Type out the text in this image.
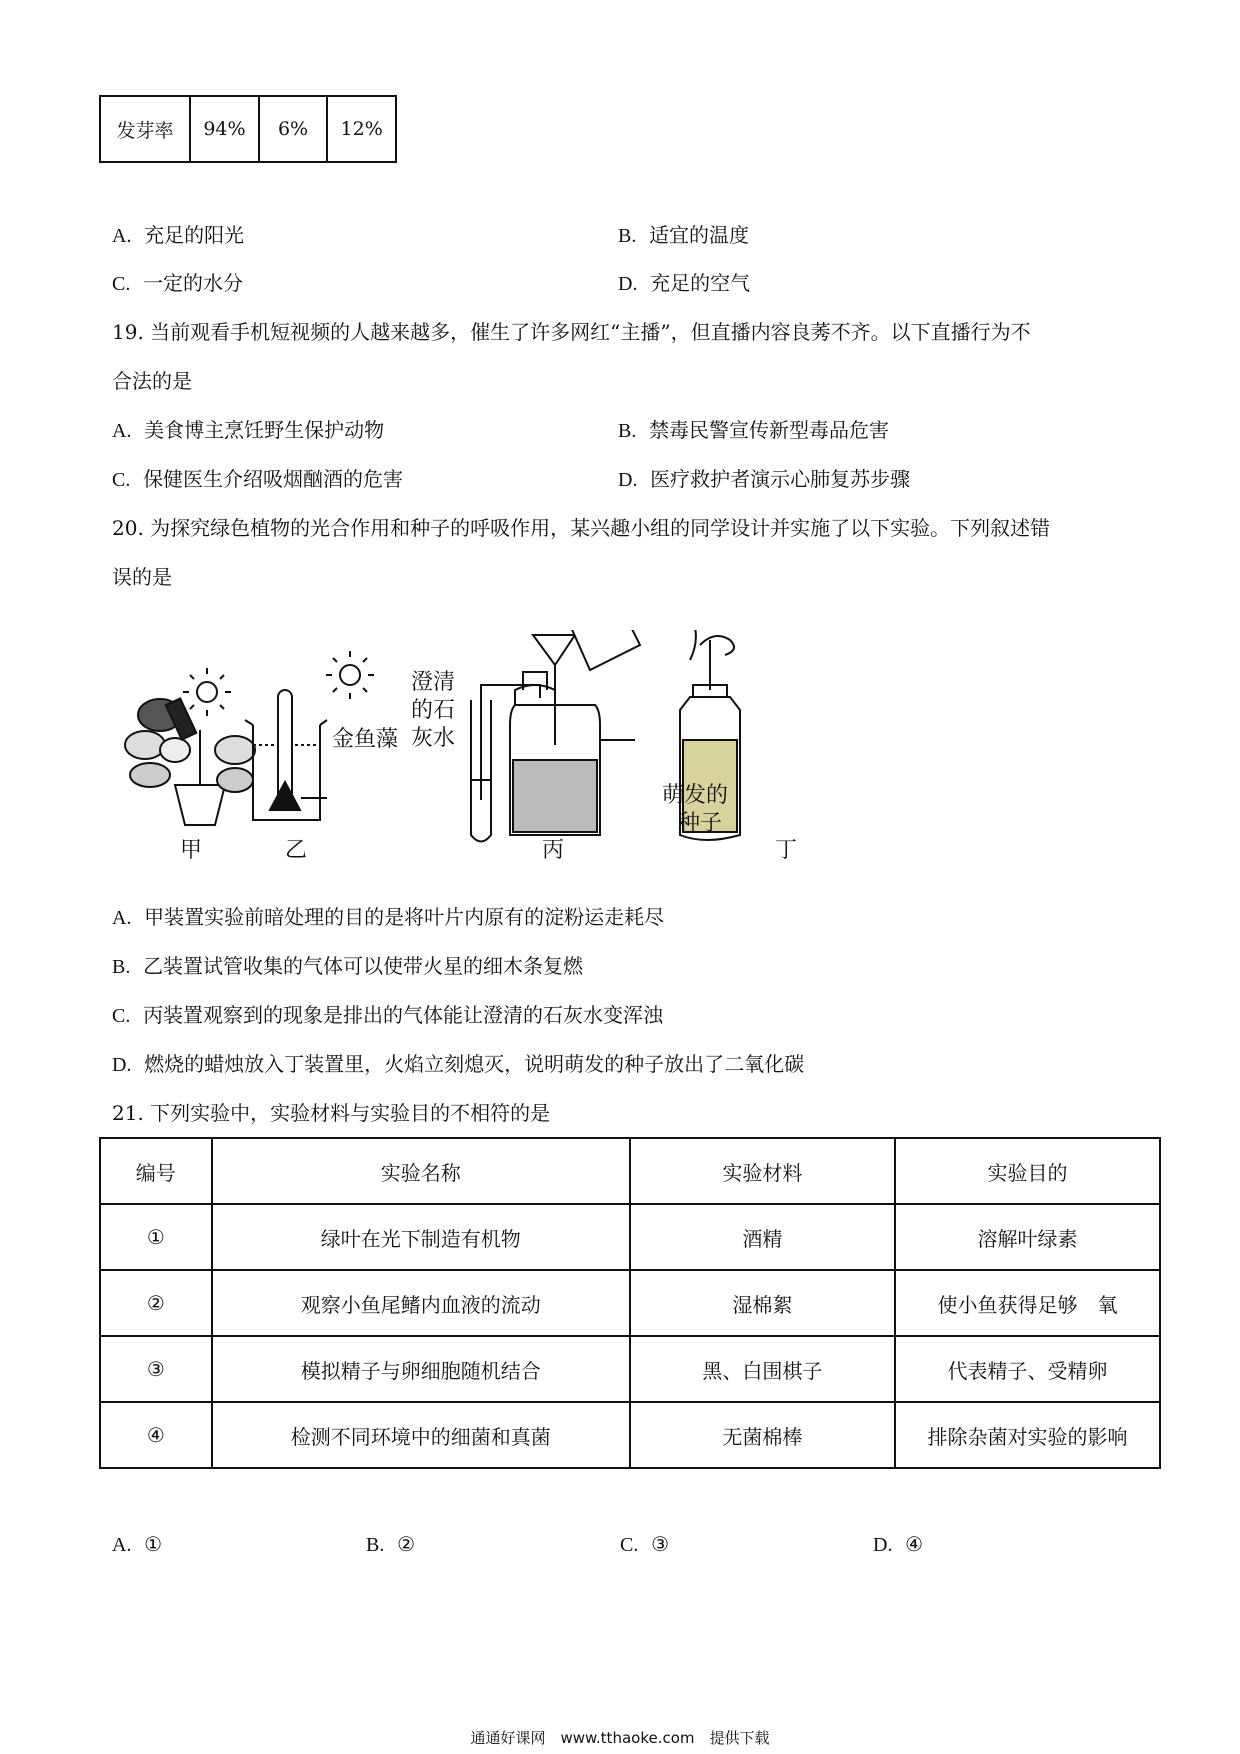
发芽率	94%	6%	12%
A. 充足的阳光	B. 适宜的温度
C. 一定的水分	D. 充足的空气
19. 当前观看手机短视频的人越来越多，催生了许多网红“主播”，但直播内容良莠不齐。以下直播行为不
合法的是
A. 美食博主烹饪野生保护动物	B. 禁毒民警宣传新型毒品危害
C. 保健医生介绍吸烟酗酒的危害	D. 医疗救护者演示心肺复苏步骤
20. 为探究绿色植物的光合作用和种子的呼吸作用，某兴趣小组的同学设计并实施了以下实验。下列叙述错
误的是
金鱼藻
澄清
的石
灰水
萌发的
种子
甲	乙	丙	丁
A. 甲装置实验前暗处理的目的是将叶片内原有的淀粉运走耗尽
B. 乙装置试管收集的气体可以使带火星的细木条复燃
C. 丙装置观察到的现象是排出的气体能让澄清的石灰水变浑浊
D. 燃烧的蜡烛放入丁装置里，火焰立刻熄灭，说明萌发的种子放出了二氧化碳
21. 下列实验中，实验材料与实验目的不相符的是
编号	实验名称	实验材料	实验目的
①	绿叶在光下制造有机物	酒精	溶解叶绿素
②	观察小鱼尾鳍内血液的流动	湿棉絮	使小鱼获得足够　氧
③	模拟精子与卵细胞随机结合	黑、白围棋子	代表精子、受精卵
④	检测不同环境中的细菌和真菌	无菌棉棒	排除杂菌对实验的影响
A. ①	B. ②	C. ③	D. ④
通通好课网　www.tthaoke.com　提供下载
